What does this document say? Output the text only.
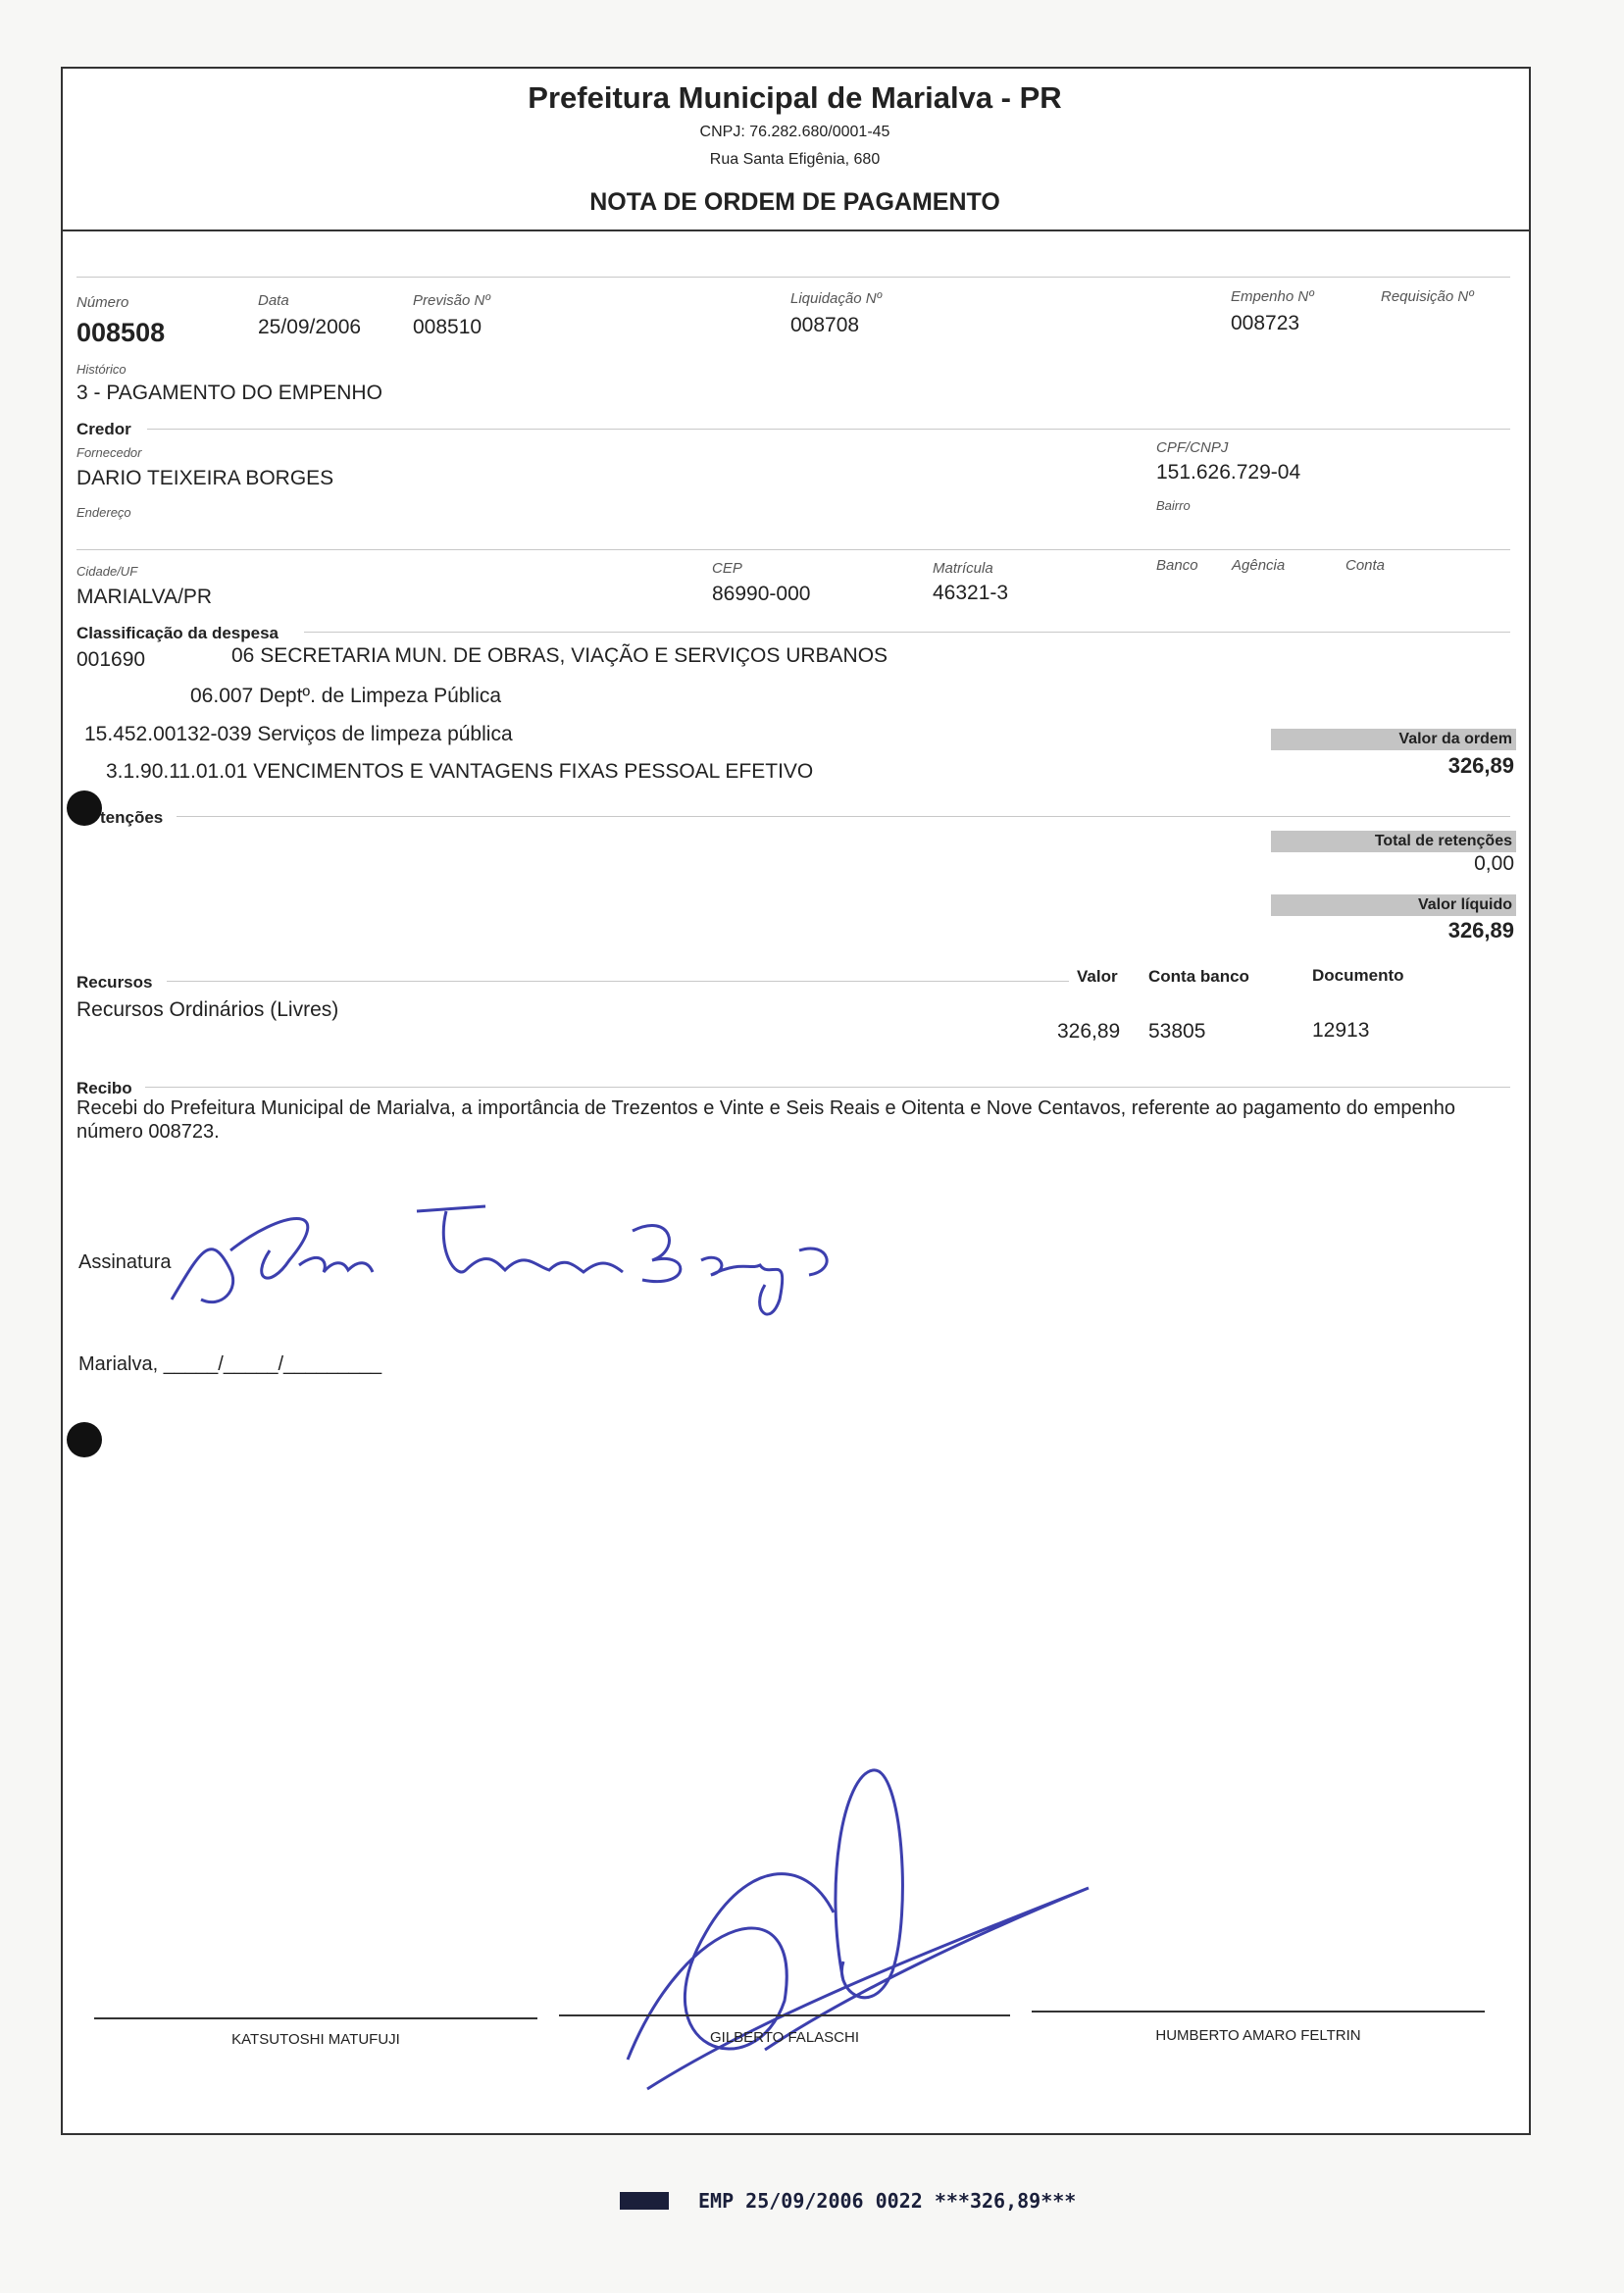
Prefeitura Municipal de Marialva - PR
CNPJ: 76.282.680/0001-45
Rua Santa Efigênia, 680
NOTA DE ORDEM DE PAGAMENTO
Número
008508
Data
25/09/2006
Previsão Nº
008510
Liquidação Nº
008708
Empenho Nº
008723
Requisição Nº
Histórico
3 - PAGAMENTO DO EMPENHO
Credor
Fornecedor
DARIO TEIXEIRA BORGES
CPF/CNPJ
151.626.729-04
Endereço	Bairro
Cidade/UF
MARIALVA/PR
CEP
86990-000
Matrícula
46321-3
Banco Agência	Conta
Classificação da despesa
001690	06 SECRETARIA MUN. DE OBRAS, VIAÇÃO E SERVIÇOS URBANOS
06.007 Deptº. de Limpeza Pública
15.452.00132-039 Serviços de limpeza pública
3.1.90.11.01.01 VENCIMENTOS E VANTAGENS FIXAS PESSOAL EFETIVO
Valor da ordem
326,89
tenções
Total de retenções
0,00
Valor líquido
326,89
Recursos	Valor Conta banco	Documento
Recursos Ordinários (Livres)
326,89 53805	12913
Recibo
Recebi do Prefeitura Municipal de Marialva, a importância de Trezentos e Vinte e Seis Reais e Oitenta e Nove Centavos, referente ao pagamento do empenho número 008723.
Assinatura
Marialva, _____/_____/_________
KATSUTOSHI MATUFUJI	GILBERTO FALASCHI	HUMBERTO AMARO FELTRIN
EMP 25/09/2006 0022 ***326,89***
